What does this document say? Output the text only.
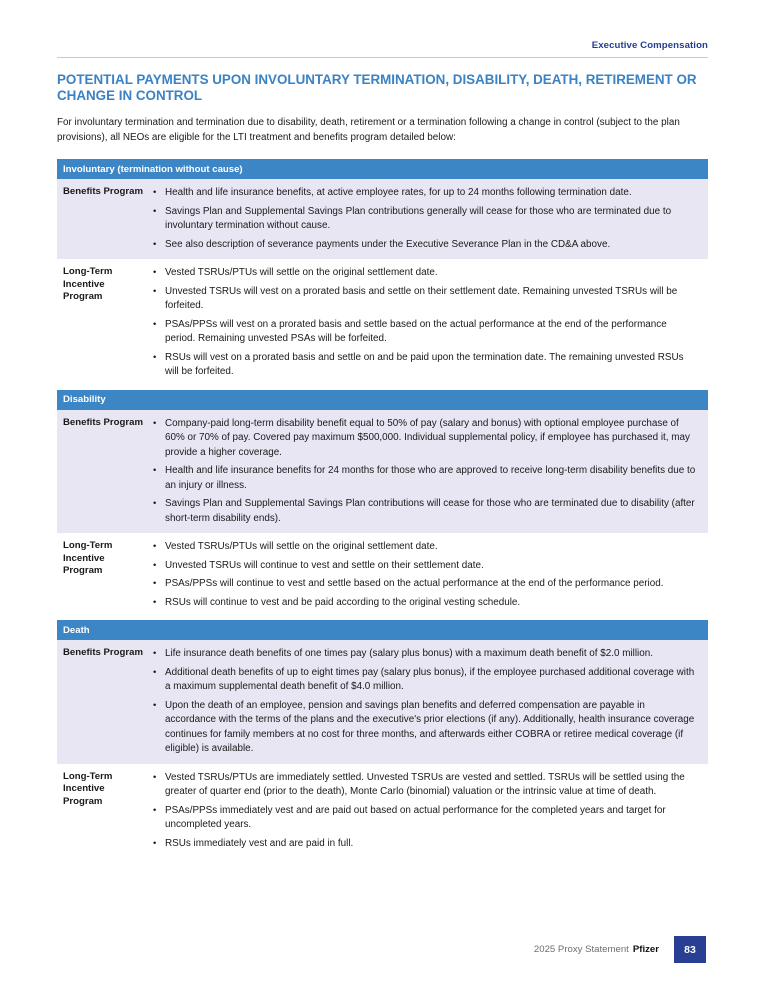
Executive Compensation
POTENTIAL PAYMENTS UPON INVOLUNTARY TERMINATION, DISABILITY, DEATH, RETIREMENT OR CHANGE IN CONTROL

For involuntary termination and termination due to disability, death, retirement or a termination following a change in control (subject to the plan provisions), all NEOs are eligible for the LTI treatment and benefits program detailed below:

Involuntary (termination without cause)
Benefits Program	• Health and life insurance benefits, at active employee rates, for up to 24 months following termination date.
• Savings Plan and Supplemental Savings Plan contributions generally will cease for those who are terminated due to involuntary termination without cause.
• See also description of severance payments under the Executive Severance Plan in the CD&A above.
Long-Term Incentive Program
• Vested TSRUs/PTUs will settle on the original settlement date.
• Unvested TSRUs will vest on a prorated basis and settle on their settlement date. Remaining unvested TSRUs will be forfeited.
• PSAs/PPSs will vest on a prorated basis and settle based on the actual performance at the end of the performance period. Remaining unvested PSAs will be forfeited.
• RSUs will vest on a prorated basis and settle on and be paid upon the termination date. The remaining unvested RSUs will be forfeited.
Disability
Benefits Program	• Company-paid long-term disability benefit equal to 50% of pay (salary and bonus) with optional employee purchase of 60% or 70% of pay. Covered pay maximum $500,000. Individual supplemental policy, if employee has purchased it, may provide a higher coverage.
• Health and life insurance benefits for 24 months for those who are approved to receive long-term disability benefits due to an injury or illness.
• Savings Plan and Supplemental Savings Plan contributions will cease for those who are terminated due to disability (after short-term disability ends).
Long-Term Incentive Program
• Vested TSRUs/PTUs will settle on the original settlement date.
• Unvested TSRUs will continue to vest and settle on their settlement date.
• PSAs/PPSs will continue to vest and settle based on the actual performance at the end of the performance period.
• RSUs will continue to vest and be paid according to the original vesting schedule.
Death
Benefits Program	• Life insurance death benefits of one times pay (salary plus bonus) with a maximum death benefit of $2.0 million.
• Additional death benefits of up to eight times pay (salary plus bonus), if the employee purchased additional coverage with a maximum supplemental death benefit of $4.0 million.
• Upon the death of an employee, pension and savings plan benefits and deferred compensation are payable in accordance with the terms of the plans and the executive's prior elections (if any). Additionally, health insurance coverage continues for family members at no cost for three months, and afterwards either COBRA or retiree medical coverage (if eligible) is available.
Long-Term Incentive Program
• Vested TSRUs/PTUs are immediately settled. Unvested TSRUs are vested and settled. TSRUs will be settled using the greater of quarter end (prior to the death), Monte Carlo (binomial) valuation or the intrinsic value at time of death.
• PSAs/PPSs immediately vest and are paid out based on actual performance for the completed years and target for uncompleted years.
• RSUs immediately vest and are paid in full.
2025 Proxy Statement Pfizer	83
